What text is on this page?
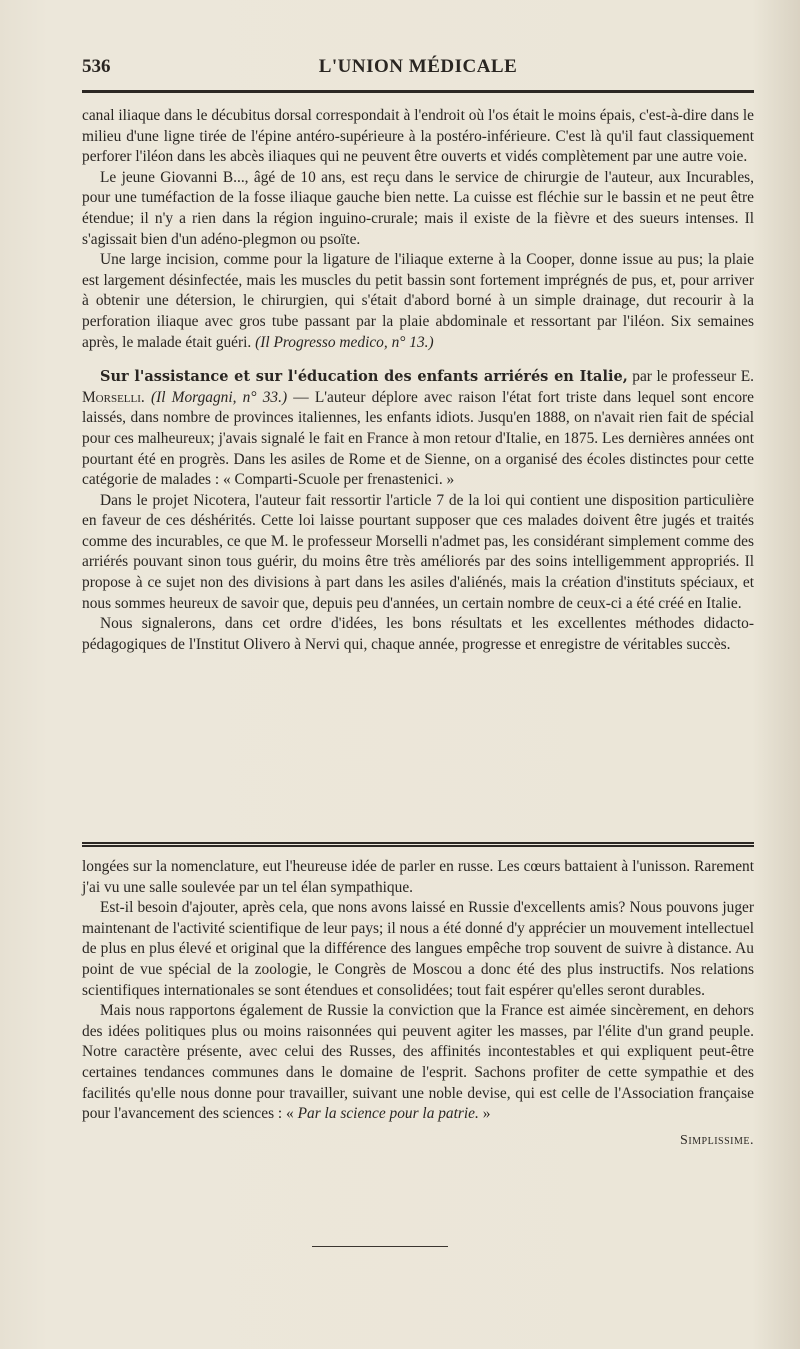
536	L'UNION MÉDICALE

canal iliaque dans le décubitus dorsal correspondait à l'endroit où l'os était le moins épais, c'est-à-dire dans le milieu d'une ligne tirée de l'épine antéro-supérieure à la postéro-inférieure. C'est là qu'il faut classiquement perforer l'iléon dans les abcès iliaques qui ne peuvent être ouverts et vidés complètement par une autre voie.

Le jeune Giovanni B..., âgé de 10 ans, est reçu dans le service de chirurgie de l'auteur, aux Incurables, pour une tuméfaction de la fosse iliaque gauche bien nette. La cuisse est fléchie sur le bassin et ne peut être étendue; il n'y a rien dans la région inguino-crurale; mais il existe de la fièvre et des sueurs intenses. Il s'agissait bien d'un adéno-plegmon ou psoïte.

Une large incision, comme pour la ligature de l'iliaque externe à la Cooper, donne issue au pus; la plaie est largement désinfectée, mais les muscles du petit bassin sont fortement imprégnés de pus, et, pour arriver à obtenir une détersion, le chirurgien, qui s'était d'abord borné à un simple drainage, dut recourir à la perforation iliaque avec gros tube passant par la plaie abdominale et ressortant par l'iléon. Six semaines après, le malade était guéri. (Il Progresso medico, n° 13.)

Sur l'assistance et sur l'éducation des enfants arriérés en Italie, par le professeur E. Morselli. (Il Morgagni, n° 33.) — L'auteur déplore avec raison l'état fort triste dans lequel sont encore laissés, dans nombre de provinces italiennes, les enfants idiots. Jusqu'en 1888, on n'avait rien fait de spécial pour ces malheureux; j'avais signalé le fait en France à mon retour d'Italie, en 1875. Les dernières années ont pourtant été en progrès. Dans les asiles de Rome et de Sienne, on a organisé des écoles distinctes pour cette catégorie de malades : « Comparti-Scuole per frenastenici. »

Dans le projet Nicotera, l'auteur fait ressortir l'article 7 de la loi qui contient une disposition particulière en faveur de ces déshérités. Cette loi laisse pourtant supposer que ces malades doivent être jugés et traités comme des incurables, ce que M. le professeur Morselli n'admet pas, les considérant simplement comme des arriérés pouvant sinon tous guérir, du moins être très améliorés par des soins intelligemment appropriés. Il propose à ce sujet non des divisions à part dans les asiles d'aliénés, mais la création d'instituts spéciaux, et nous sommes heureux de savoir que, depuis peu d'années, un certain nombre de ceux-ci a été créé en Italie.

Nous signalerons, dans cet ordre d'idées, les bons résultats et les excellentes méthodes didacto-pédagogiques de l'Institut Olivero à Nervi qui, chaque année, progresse et enregistre de véritables succès.

longées sur la nomenclature, eut l'heureuse idée de parler en russe. Les cœurs battaient à l'unisson. Rarement j'ai vu une salle soulevée par un tel élan sympathique.

Est-il besoin d'ajouter, après cela, que nons avons laissé en Russie d'excellents amis? Nous pouvons juger maintenant de l'activité scientifique de leur pays; il nous a été donné d'y apprécier un mouvement intellectuel de plus en plus élevé et original que la différence des langues empêche trop souvent de suivre à distance. Au point de vue spécial de la zoologie, le Congrès de Moscou a donc été des plus instructifs. Nos relations scientifiques internationales se sont étendues et consolidées; tout fait espérer qu'elles seront durables.

Mais nous rapportons également de Russie la conviction que la France est aimée sincèrement, en dehors des idées politiques plus ou moins raisonnées qui peuvent agiter les masses, par l'élite d'un grand peuple. Notre caractère présente, avec celui des Russes, des affinités incontestables et qui expliquent peut-être certaines tendances communes dans le domaine de l'esprit. Sachons profiter de cette sympathie et des facilités qu'elle nous donne pour travailler, suivant une noble devise, qui est celle de l'Association française pour l'avancement des sciences : « Par la science pour la patrie. »

Simplissime.
